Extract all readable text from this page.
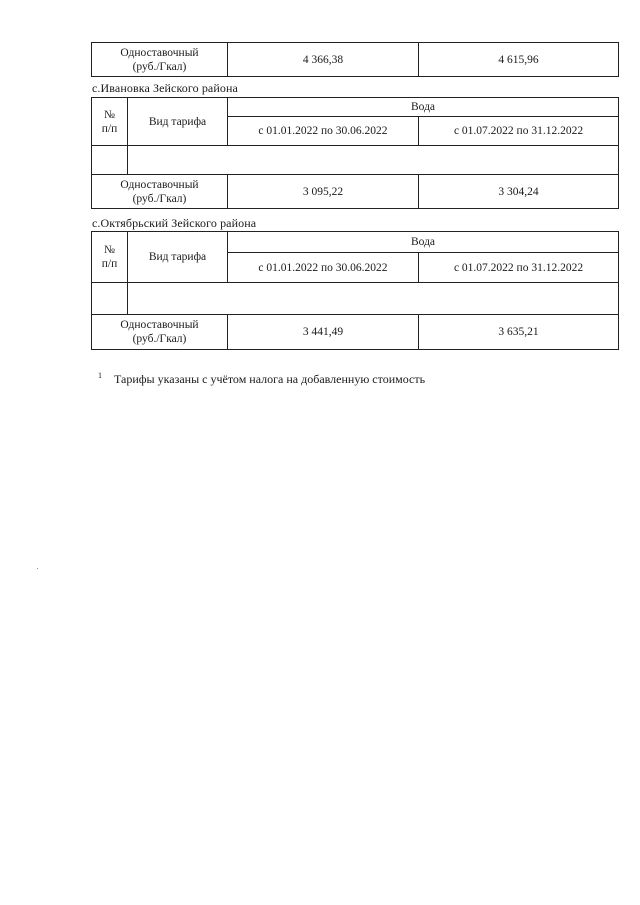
Одноставочный
(руб./Гкал)	4 366,38	4 615,96
с.Ивановка Зейского района
№
п/п	Вид тарифа	Вода	
		с 01.01.2022 по 30.06.2022	с 01.07.2022 по 31.12.2022

Одноставочный
(руб./Гкал)		3 095,22	3 304,24
с.Октябрьский Зейского района
№
п/п	Вид тарифа	Вода	
		с 01.01.2022 по 30.06.2022	с 01.07.2022 по 31.12.2022

Одноставочный
(руб./Гкал)		3 441,49	3 635,21
$^1$ Тарифы указаны с учётом налога на добавленную стоимость
